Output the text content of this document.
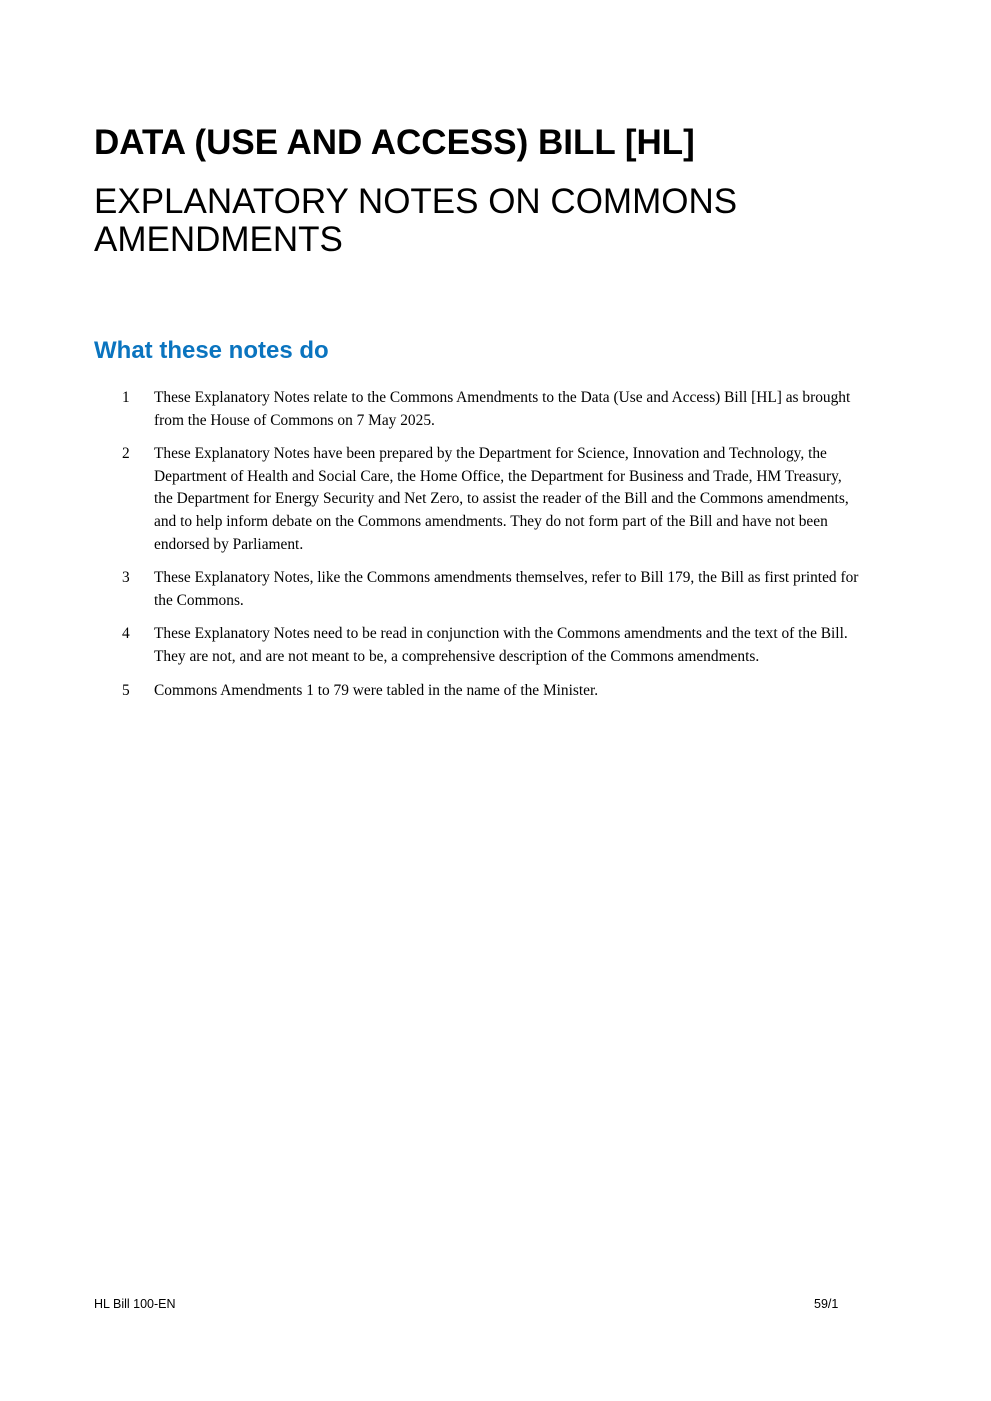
DATA (USE AND ACCESS) BILL [HL]
EXPLANATORY NOTES ON COMMONS AMENDMENTS
What these notes do
1	These Explanatory Notes relate to the Commons Amendments to the Data (Use and Access) Bill [HL] as brought from the House of Commons on 7 May 2025.
2	These Explanatory Notes have been prepared by the Department for Science, Innovation and Technology, the Department of Health and Social Care, the Home Office, the Department for Business and Trade, HM Treasury, the Department for Energy Security and Net Zero, to assist the reader of the Bill and the Commons amendments, and to help inform debate on the Commons amendments. They do not form part of the Bill and have not been endorsed by Parliament.
3	These Explanatory Notes, like the Commons amendments themselves, refer to Bill 179, the Bill as first printed for the Commons.
4	These Explanatory Notes need to be read in conjunction with the Commons amendments and the text of the Bill. They are not, and are not meant to be, a comprehensive description of the Commons amendments.
5	Commons Amendments 1 to 79 were tabled in the name of the Minister.
HL Bill 100-EN	59/1
